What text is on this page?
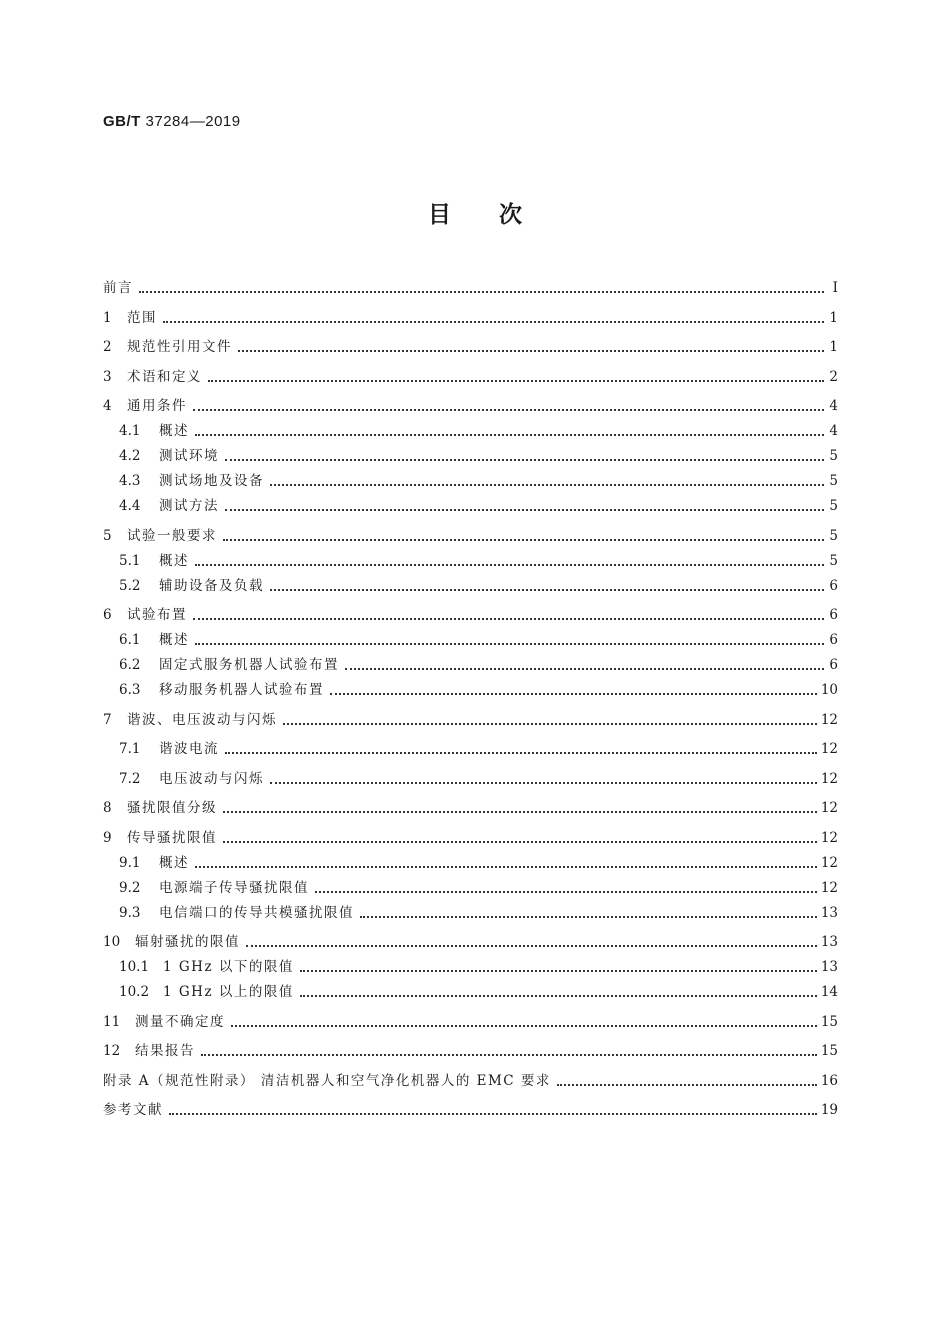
GB/T 37284—2019
目次
前言	Ⅰ
1	范围	1
2	规范性引用文件	1
3	术语和定义	2
4	通用条件	4
4.1	概述	4
4.2	测试环境	5
4.3	测试场地及设备	5
4.4	测试方法	5
5	试验一般要求	5
5.1	概述	5
5.2	辅助设备及负载	6
6	试验布置	6
6.1	概述	6
6.2	固定式服务机器人试验布置	6
6.3	移动服务机器人试验布置	10
7	谐波、电压波动与闪烁	12
7.1	谐波电流	12
7.2	电压波动与闪烁	12
8	骚扰限值分级	12
9	传导骚扰限值	12
9.1	概述	12
9.2	电源端子传导骚扰限值	12
9.3	电信端口的传导共模骚扰限值	13
10	辐射骚扰的限值	13
10.1	1 GHz 以下的限值	13
10.2	1 GHz 以上的限值	14
11	测量不确定度	15
12	结果报告	15
附录 A（规范性附录） 清洁机器人和空气净化机器人的 EMC 要求	16
参考文献	19
